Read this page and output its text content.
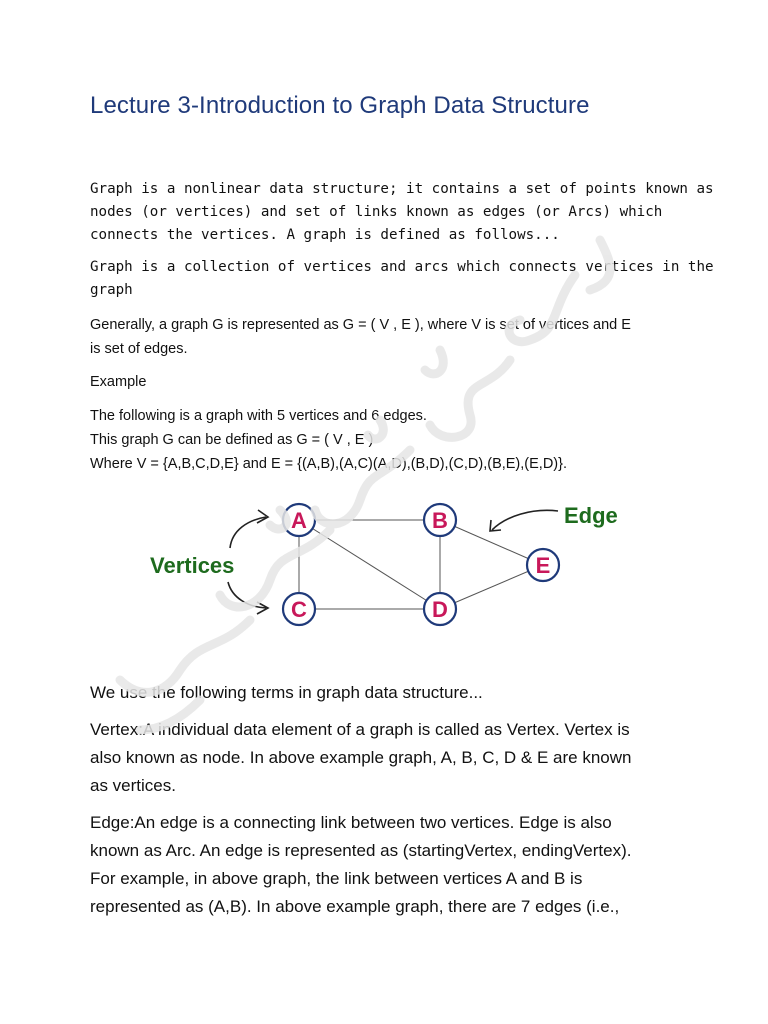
Lecture 3-Introduction to Graph Data Structure

Graph is a nonlinear data structure; it contains a set of points known as
nodes (or vertices) and set of links known as edges (or Arcs) which
connects the vertices. A graph is defined as follows...

Graph is a collection of vertices and arcs which connects vertices in the
graph

Generally, a graph G is represented as G = ( V , E ), where V is set of vertices and E
is set of edges.

Example

The following is a graph with 5 vertices and 6 edges.
This graph G can be defined as G = ( V , E )
Where V = {A,B,C,D,E} and E = {(A,B),(A,C)(A,D),(B,D),(C,D),(B,E),(E,D)}.

A	B
C	D
E
Vertices
Edge

We use the following terms in graph data structure...

Vertex:A individual data element of a graph is called as Vertex. Vertex is
also known as node. In above example graph, A, B, C, D & E are known
as vertices.

Edge:An edge is a connecting link between two vertices. Edge is also
known as Arc. An edge is represented as (startingVertex, endingVertex).
For example, in above graph, the link between vertices A and B is
represented as (A,B). In above example graph, there are 7 edges (i.e.,
